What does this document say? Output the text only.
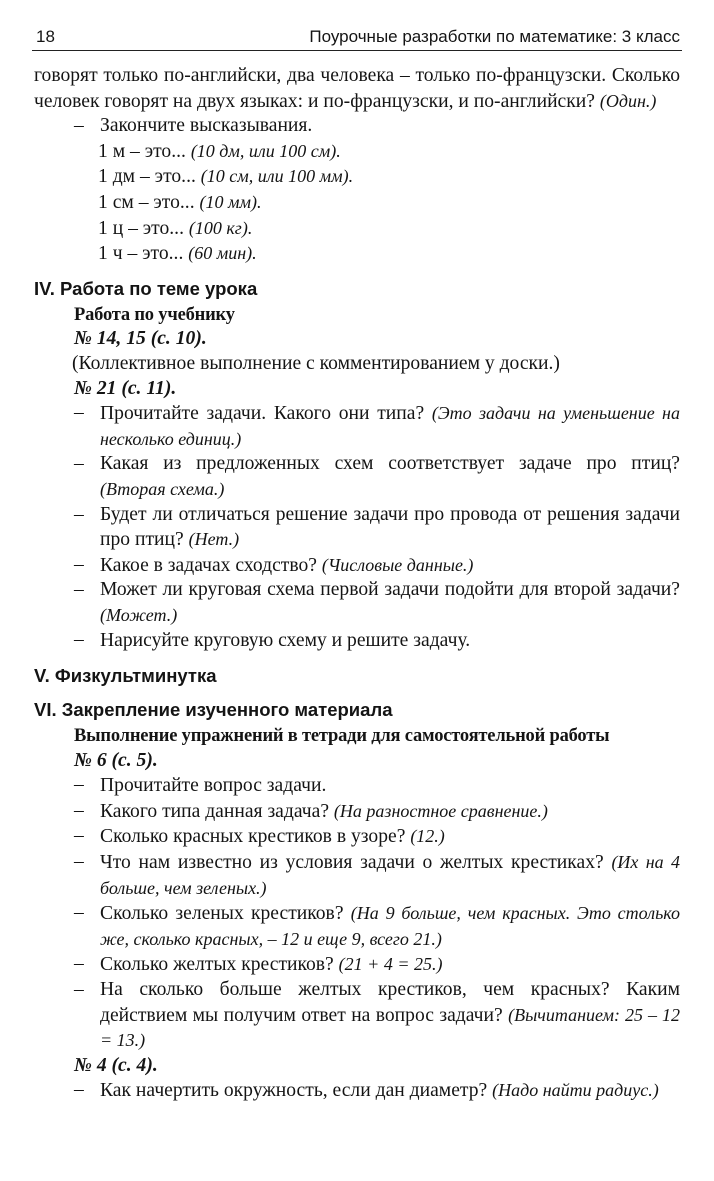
18	Поурочные разработки по математике: 3 класс

говорят только по-английски, два человека – только по-французски. Сколько человек говорят на двух языках: и по-французски, и по-английски? (Один.)

– Закончите высказывания.

1 м – это... (10 дм, или 100 см).

1 дм – это... (10 см, или 100 мм).

1 см – это... (10 мм).

1 ц – это... (100 кг).

1 ч – это... (60 мин).

IV. Работа по теме урока

Работа по учебнику

№ 14, 15 (с. 10).

(Коллективное выполнение с комментированием у доски.)

№ 21 (с. 11).

– Прочитайте задачи. Какого они типа? (Это задачи на уменьшение на несколько единиц.)

– Какая из предложенных схем соответствует задаче про птиц? (Вторая схема.)

– Будет ли отличаться решение задачи про провода от решения задачи про птиц? (Нет.)

– Какое в задачах сходство? (Числовые данные.)

– Может ли круговая схема первой задачи подойти для второй задачи? (Может.)

– Нарисуйте круговую схему и решите задачу.

V. Физкультминутка
VI. Закрепление изученного материала

Выполнение упражнений в тетради для самостоятельной работы

№ 6 (с. 5).

– Прочитайте вопрос задачи.

– Какого типа данная задача? (На разностное сравнение.)

– Сколько красных крестиков в узоре? (12.)

– Что нам известно из условия задачи о желтых крестиках? (Их на 4 больше, чем зеленых.)

– Сколько зеленых крестиков? (На 9 больше, чем красных. Это столько же, сколько красных, – 12 и еще 9, всего 21.)

– Сколько желтых крестиков? (21 + 4 = 25.)

– На сколько больше желтых крестиков, чем красных? Каким действием мы получим ответ на вопрос задачи? (Вычитанием: 25 – 12 = 13.)

№ 4 (с. 4).

– Как начертить окружность, если дан диаметр? (Надо найти радиус.)
